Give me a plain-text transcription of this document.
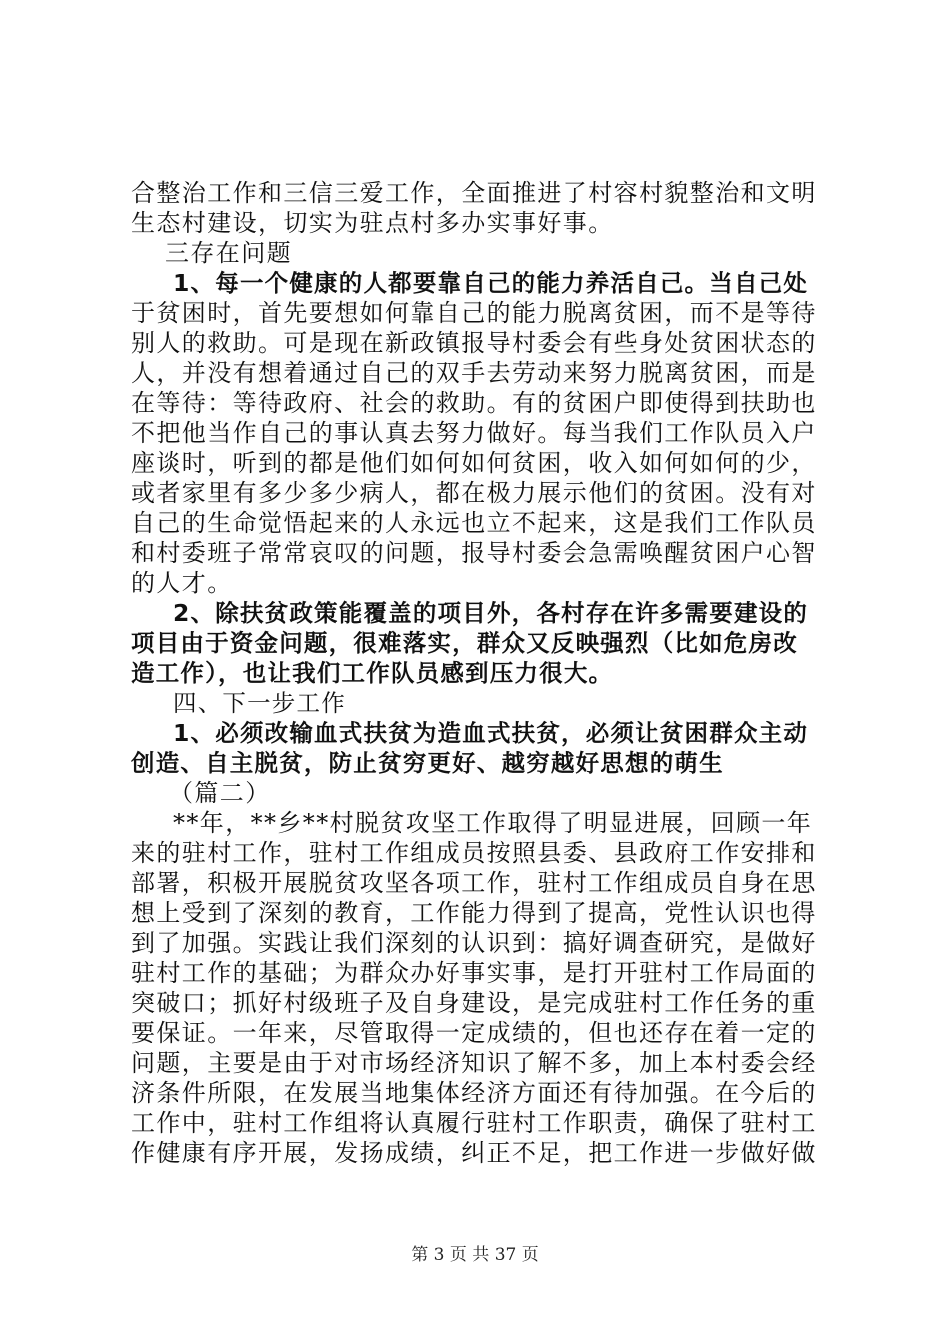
合整治工作和三信三爱工作，全面推进了村容村貌整治和文明
生态村建设，切实为驻点村多办实事好事。
三存在问题
1、每一个健康的人都要靠自己的能力养活自己。当自己处
于贫困时，首先要想如何靠自己的能力脱离贫困，而不是等待
别人的救助。可是现在新政镇报导村委会有些身处贫困状态的
人，并没有想着通过自己的双手去劳动来努力脱离贫困，而是
在等待：等待政府、社会的救助。有的贫困户即使得到扶助也
不把他当作自己的事认真去努力做好。每当我们工作队员入户
座谈时，听到的都是他们如何如何贫困，收入如何如何的少，
或者家里有多少多少病人，都在极力展示他们的贫困。没有对
自己的生命觉悟起来的人永远也立不起来，这是我们工作队员
和村委班子常常哀叹的问题，报导村委会急需唤醒贫困户心智
的人才。
2、除扶贫政策能覆盖的项目外，各村存在许多需要建设的
项目由于资金问题，很难落实，群众又反映强烈（比如危房改
造工作），也让我们工作队员感到压力很大。
四、下一步工作
1、必须改输血式扶贫为造血式扶贫，必须让贫困群众主动
创造、自主脱贫，防止贫穷更好、越穷越好思想的萌生
（篇二）
**年，**乡**村脱贫攻坚工作取得了明显进展，回顾一年
来的驻村工作，驻村工作组成员按照县委、县政府工作安排和
部署，积极开展脱贫攻坚各项工作，驻村工作组成员自身在思
想上受到了深刻的教育，工作能力得到了提高，党性认识也得
到了加强。实践让我们深刻的认识到：搞好调查研究，是做好
驻村工作的基础；为群众办好事实事，是打开驻村工作局面的
突破口；抓好村级班子及自身建设，是完成驻村工作任务的重
要保证。一年来，尽管取得一定成绩的，但也还存在着一定的
问题，主要是由于对市场经济知识了解不多，加上本村委会经
济条件所限，在发展当地集体经济方面还有待加强。在今后的
工作中，驻村工作组将认真履行驻村工作职责，确保了驻村工
作健康有序开展，发扬成绩，纠正不足，把工作进一步做好做
第 3 页 共 37 页
